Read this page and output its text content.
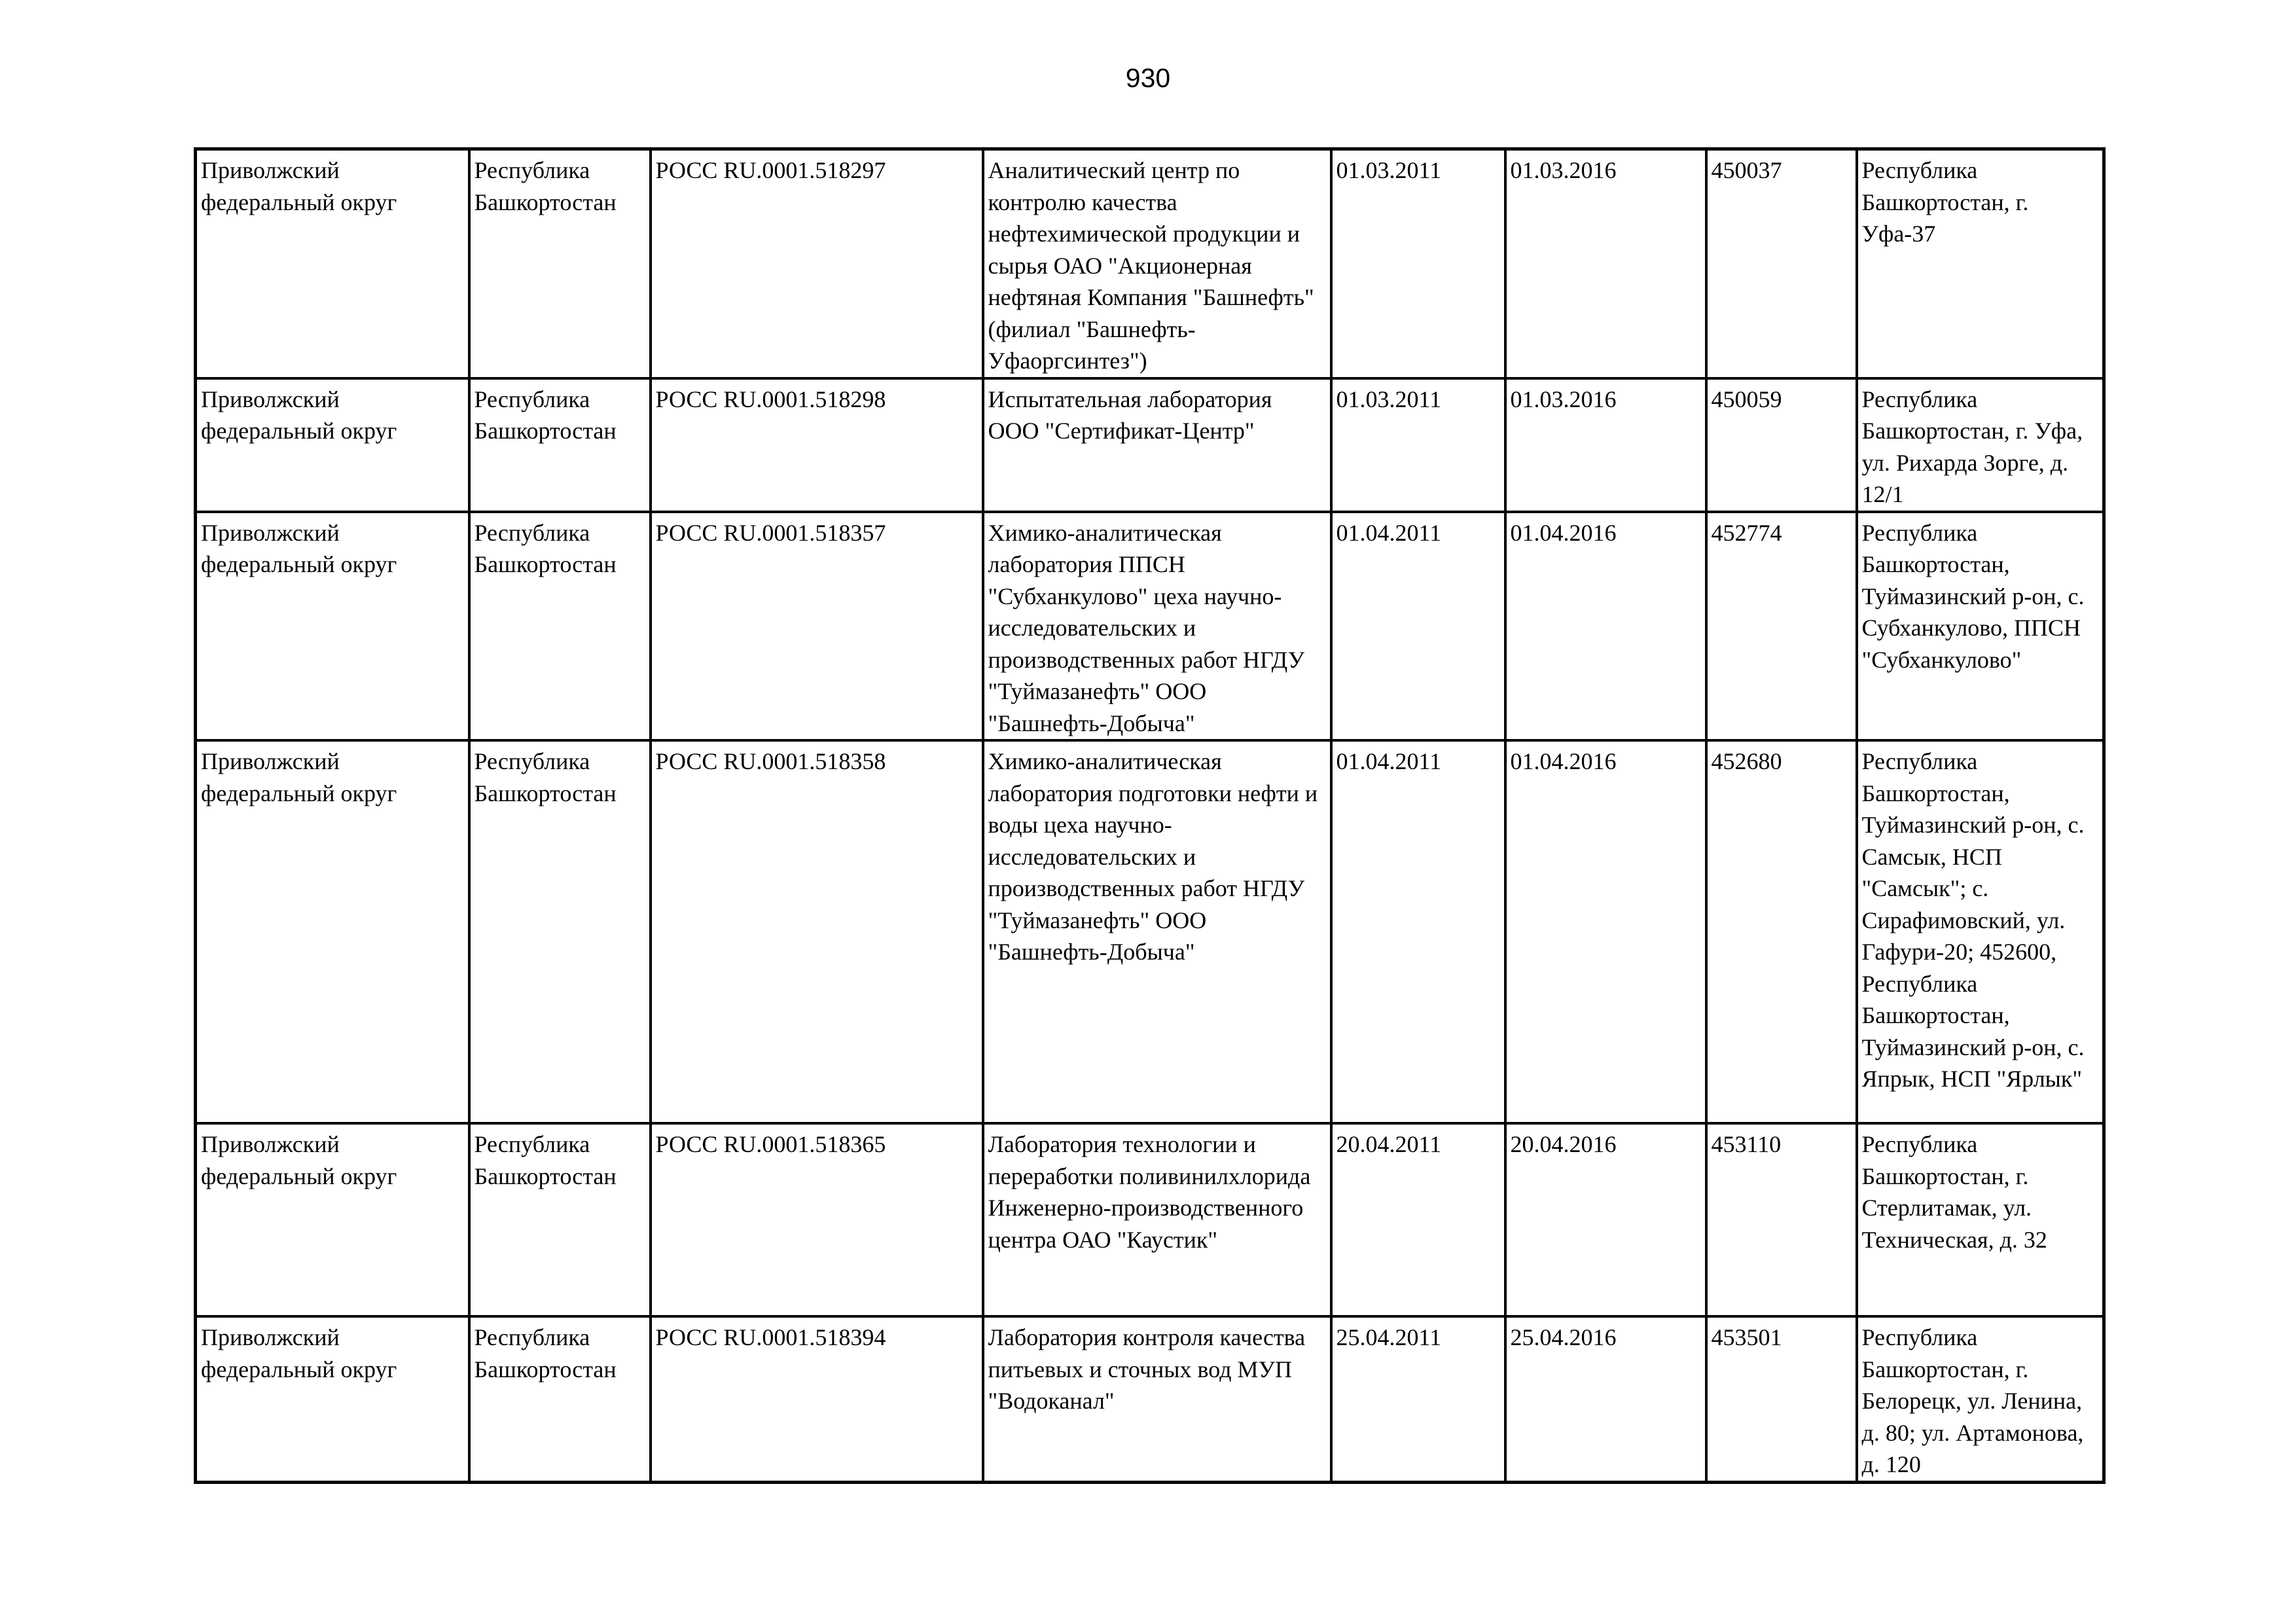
930
Приволжский федеральный округ	Республика Башкортостан	РОСС RU.0001.518297	Аналитический центр по контролю качества нефтехимической продукции и сырья ОАО "Акционерная нефтяная Компания "Башнефть" (филиал "Башнефть-Уфаоргсинтез")	01.03.2011	01.03.2016	450037	Республика Башкортостан, г. Уфа-37
Приволжский федеральный округ	Республика Башкортостан	РОСС RU.0001.518298	Испытательная лаборатория ООО "Сертификат-Центр"	01.03.2011	01.03.2016	450059	Республика Башкортостан, г. Уфа, ул. Рихарда Зорге, д. 12/1
Приволжский федеральный округ	Республика Башкортостан	РОСС RU.0001.518357	Химико-аналитическая лаборатория ППСН "Субханкулово" цеха научно-исследовательских и производственных работ НГДУ "Туймазанефть" ООО "Башнефть-Добыча"	01.04.2011	01.04.2016	452774	Республика Башкортостан, Туймазинский р-он, с. Субханкулово, ППСН "Субханкулово"
Приволжский федеральный округ	Республика Башкортостан	РОСС RU.0001.518358	Химико-аналитическая лаборатория подготовки нефти и воды цеха научно-исследовательских и производственных работ НГДУ "Туймазанефть" ООО "Башнефть-Добыча"	01.04.2011	01.04.2016	452680	Республика Башкортостан, Туймазинский р-он, с. Самсык, НСП "Самсык"; с. Сирафимовский, ул. Гафури-20; 452600, Республика Башкортостан, Туймазинский р-он, с. Япрык, НСП "Ярлык"
Приволжский федеральный округ	Республика Башкортостан	РОСС RU.0001.518365	Лаборатория технологии и переработки поливинилхлорида Инженерно-производственного центра ОАО "Каустик"	20.04.2011	20.04.2016	453110	Республика Башкортостан, г. Стерлитамак, ул. Техническая, д. 32
Приволжский федеральный округ	Республика Башкортостан	РОСС RU.0001.518394	Лаборатория контроля качества питьевых и сточных вод МУП "Водоканал"	25.04.2011	25.04.2016	453501	Республика Башкортостан, г. Белорецк, ул. Ленина, д. 80; ул. Артамонова, д. 120
